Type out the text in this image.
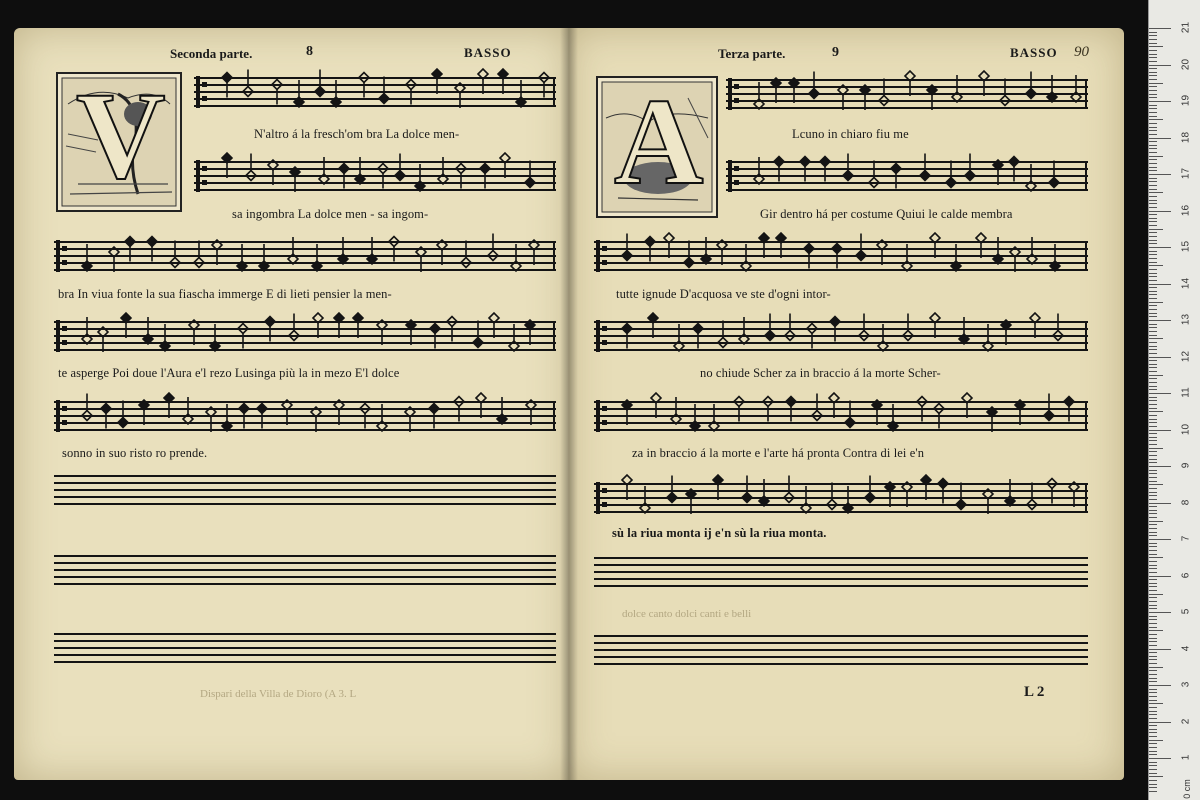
Seconda parte.	8	BASSO
V
Terza parte.	9	BASSO 90
A
N'altro á la fresch'om bra La dolce men-
sa ingombra La dolce men - sa ingom-
bra In viua fonte la sua fiascha immerge E di lieti pensier la men-
te asperge Poi doue l'Aura e'l rezo Lusinga più la in mezo E'l dolce
sonno in suo ristо ro prende.
Dispari della Villa de Dioro (A 3. L
Lcuno in chiaro fiu me
Gir dentro há per costume Quiui le calde membra
tutte ignude D'acquosa ve ste d'ogni intor-
no chiude Scher za in braccio á la morte Scher-
za in braccio á la morte e l'arte há pronta Contra di lei e'n
sù la riua monta ij e'n sù la riua monta.
dolce canto dolci canti e belli
L 2
0 cm
21
20
19
18
17
16
15
14
13
12
11
10
9
8
7
6
5
4
3
2
1
